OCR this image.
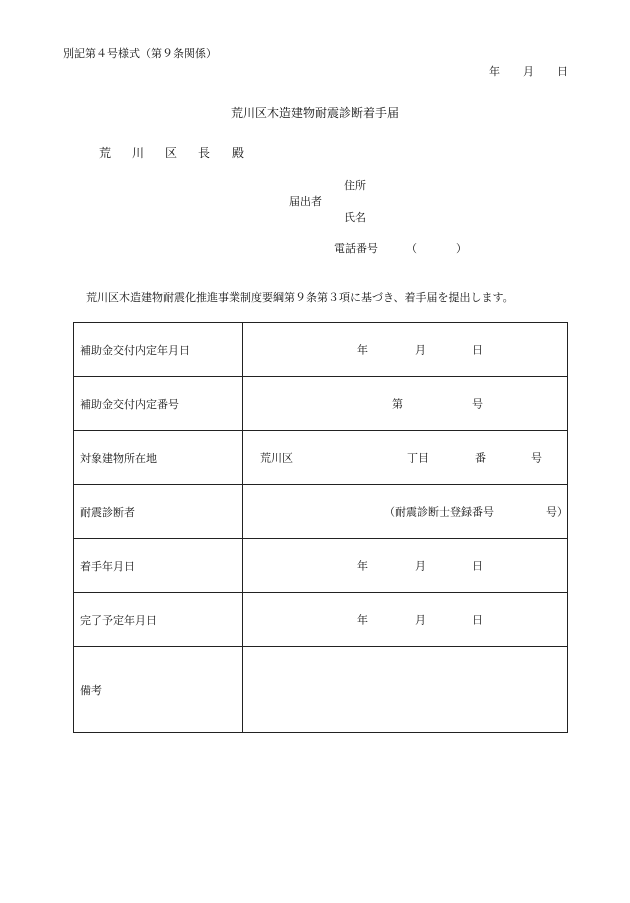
別記第４号様式（第９条関係）
年 月 日
荒川区木造建物耐震診断着手届
荒 川 区 長 殿
住所
届出者
氏名
電話番号	（	）
荒川区木造建物耐震化推進事業制度要綱第９条第３項に基づき、着手届を提出します。
補助金交付内定年月日	年 月 日

補助金交付内定番号	第 号

対象建物所在地	荒川区 丁目 番 号

耐震診断者	（耐震診断士登録番号 号）

着手年月日	年 月 日

完了予定年月日	年 月 日

備考	
